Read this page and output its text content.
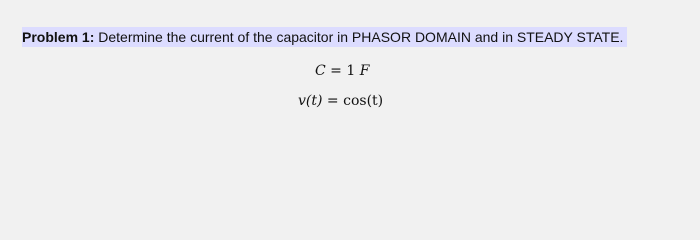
Problem 1: Determine the current of the capacitor in PHASOR DOMAIN and in STEADY STATE.
C = 1 F
v(t) = cos(t)
